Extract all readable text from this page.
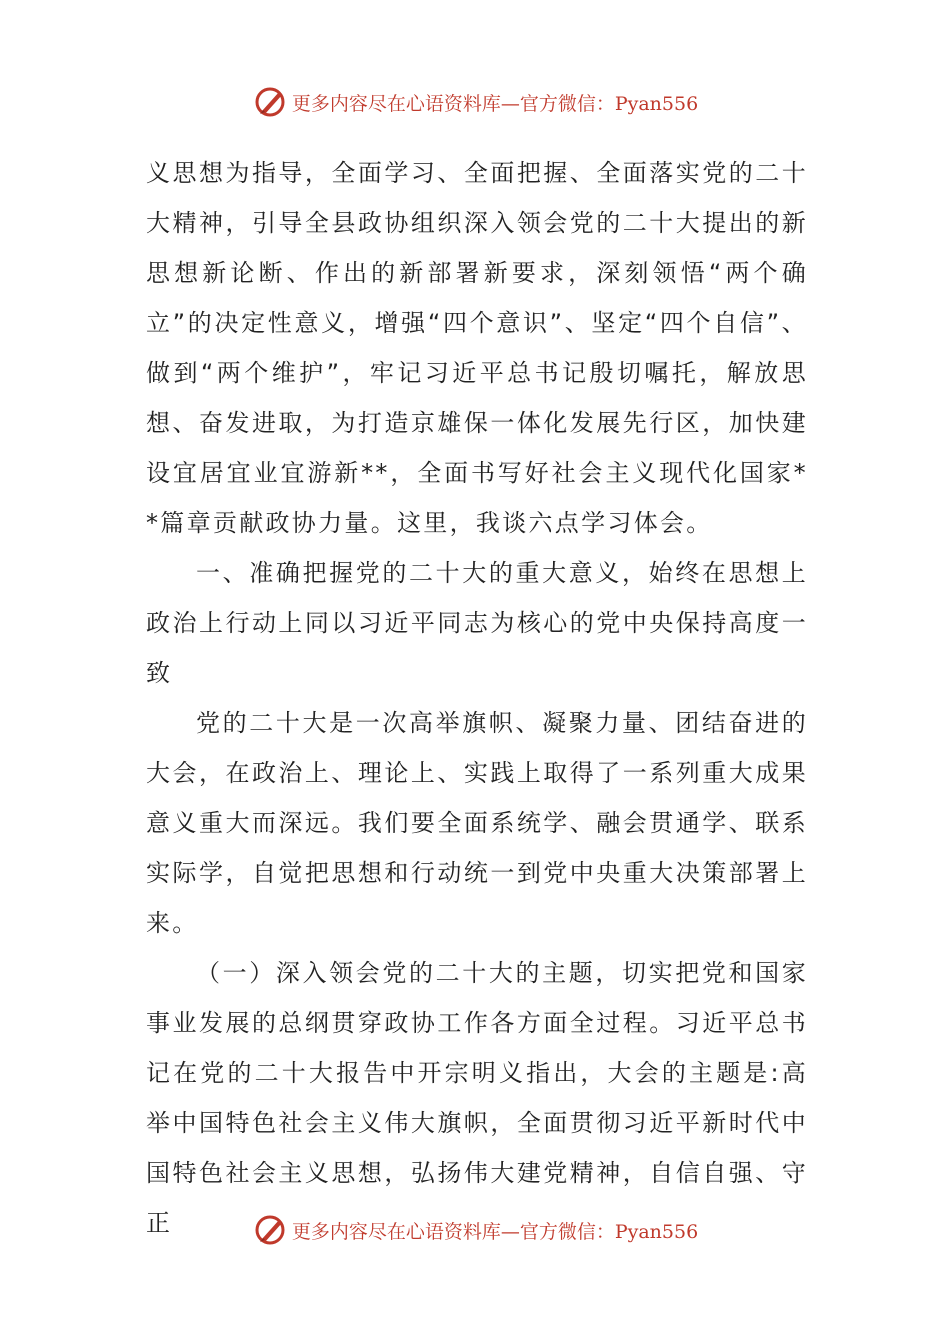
更多内容尽在心语资料库—官方微信：Pyan556

义思想为指导，全面学习、全面把握、全面落实党的二十大精神，引导全县政协组织深入领会党的二十大提出的新思想新论断、作出的新部署新要求，深刻领悟“两个确立”的决定性意义，增强“四个意识”、坚定“四个自信”、做到“两个维护”，牢记习近平总书记殷切嘱托，解放思想、奋发进取，为打造京雄保一体化发展先行区，加快建设宜居宜业宜游新**，全面书写好社会主义现代化国家**篇章贡献政协力量。这里，我谈六点学习体会。

一、准确把握党的二十大的重大意义，始终在思想上政治上行动上同以习近平同志为核心的党中央保持高度一致

党的二十大是一次高举旗帜、凝聚力量、团结奋进的大会，在政治上、理论上、实践上取得了一系列重大成果意义重大而深远。我们要全面系统学、融会贯通学、联系实际学，自觉把思想和行动统一到党中央重大决策部署上来。

（一）深入领会党的二十大的主题，切实把党和国家事业发展的总纲贯穿政协工作各方面全过程。习近平总书记在党的二十大报告中开宗明义指出，大会的主题是:高举中国特色社会主义伟大旗帜，全面贯彻习近平新时代中国特色社会主义思想，弘扬伟大建党精神，自信自强、守正	更多内容尽在心语资料库—官方微信：Pyan556
